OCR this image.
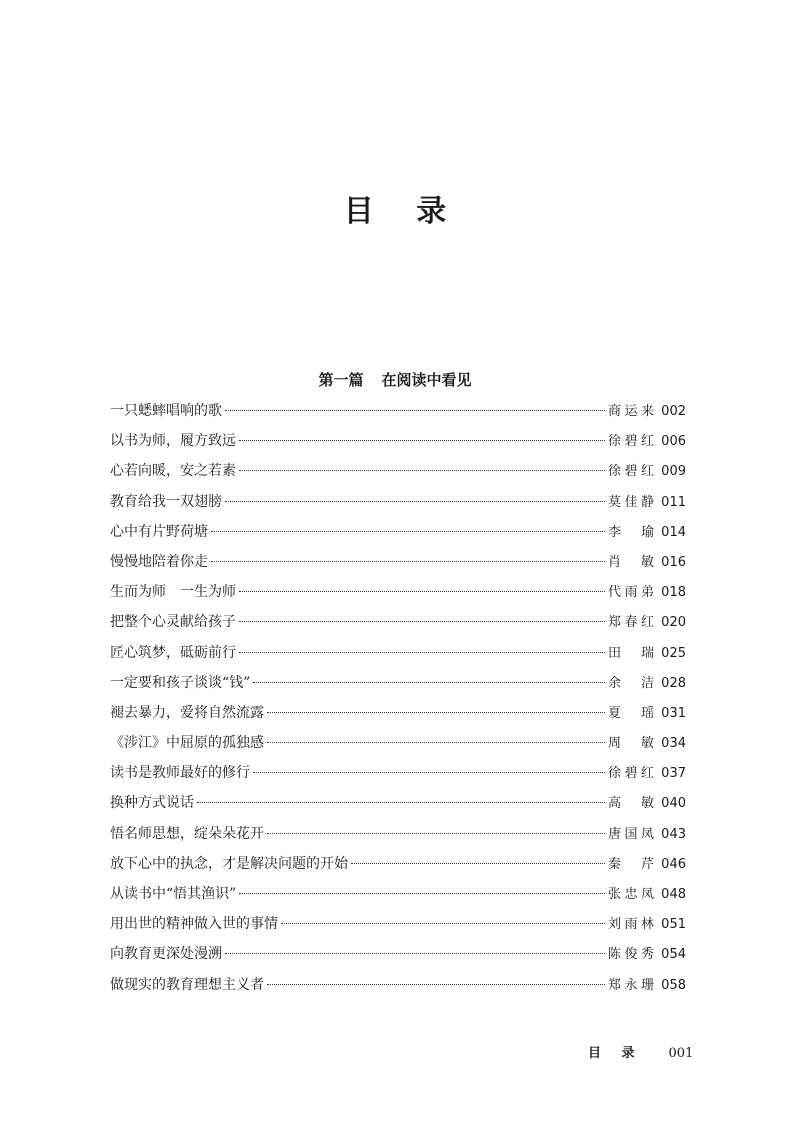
目 录
第一篇 在阅读中看见
一只蟋蟀唱响的歌	商运来 002
以书为师，履方致远	徐碧红 006
心若向暖，安之若素	徐碧红 009
教育给我一双翅膀	莫佳静 011
心中有片野荷塘	李　瑜 014
慢慢地陪着你走	肖　敏 016
生而为师　一生为师	代雨弟 018
把整个心灵献给孩子	郑春红 020
匠心筑梦，砥砺前行	田　瑞 025
一定要和孩子谈谈“钱”	余　洁 028
褪去暴力，爱将自然流露	夏　瑶 031
《涉江》中屈原的孤独感	周　敏 034
读书是教师最好的修行	徐碧红 037
换种方式说话	高　敏 040
悟名师思想，绽朵朵花开	唐国凤 043
放下心中的执念，才是解决问题的开始	秦　芹 046
从读书中“悟其渔识”	张忠凤 048
用出世的精神做入世的事情	刘雨林 051
向教育更深处漫溯	陈俊秀 054
做现实的教育理想主义者	郑永珊 058
目 录 001
